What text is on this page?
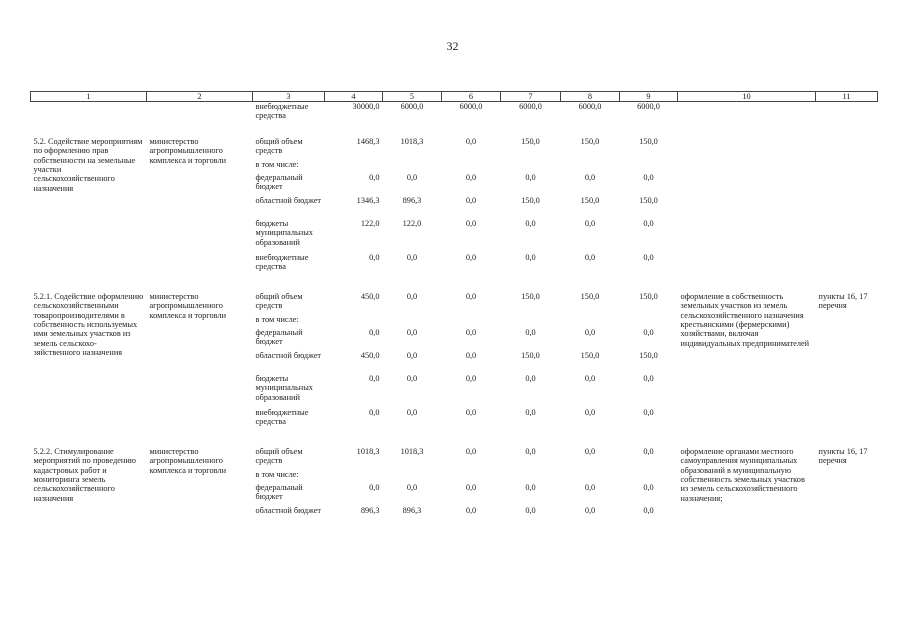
32
1	2	3	4	5	6	7	8	9	10	11
		внебюджетные средства	30000,0	6000,0	6000,0	6000,0	6000,0	6000,0		

5.2. Содействие мероприятиям по оформлению прав собственности на земельные участки сельскохозяйственного назначения	министерство агропромышленного комплекса и торговли	общий объем средств	1468,3	1018,3	0,0	150,0	150,0	150,0		
		в том числе:								
		федеральный бюджет	0,0	0,0	0,0	0,0	0,0	0,0		
		областной бюджет	1346,3	896,3	0,0	150,0	150,0	150,0		
		бюджеты муниципальных образований	122,0	122,0	0,0	0,0	0,0	0,0		
		внебюджетные средства	0,0	0,0	0,0	0,0	0,0	0,0		

5.2.1. Содействие оформлению сельскохозяйственными товаропроизводителями в собственность используемых ими земельных участков из земель сельскохо-зяйственного назначения	министерство агропромышленного комплекса и торговли	общий объем средств	450,0	0,0	0,0	150,0	150,0	150,0	оформление в собственность земельных участков из земель сельскохозяйственного назначения крестьянскими (фермерскими) хозяйствами, включая индивидуальных предпринимателей	пункты 16, 17 перечня
		в том числе:								
		федеральный бюджет	0,0	0,0	0,0	0,0	0,0	0,0		
		областной бюджет	450,0	0,0	0,0	150,0	150,0	150,0		
		бюджеты муниципальных образований	0,0	0,0	0,0	0,0	0,0	0,0		
		внебюджетные средства	0,0	0,0	0,0	0,0	0,0	0,0		

5.2.2. Стимулирование мероприятий по проведению кадастровых работ и мониторинга земель сельскохозяйственного назначения	министерство агропромышленного комплекса и торговли	общий объем средств	1018,3	1018,3	0,0	0,0	0,0	0,0	оформление органами местного самоуправления муниципальных образований в муниципальную собственность земельных участков из земель сельскохозяйственного назначения;	пункты 16, 17 перечня
		в том числе:								
		федеральный бюджет	0,0	0,0	0,0	0,0	0,0	0,0		
		областной бюджет	896,3	896,3	0,0	0,0	0,0	0,0		
